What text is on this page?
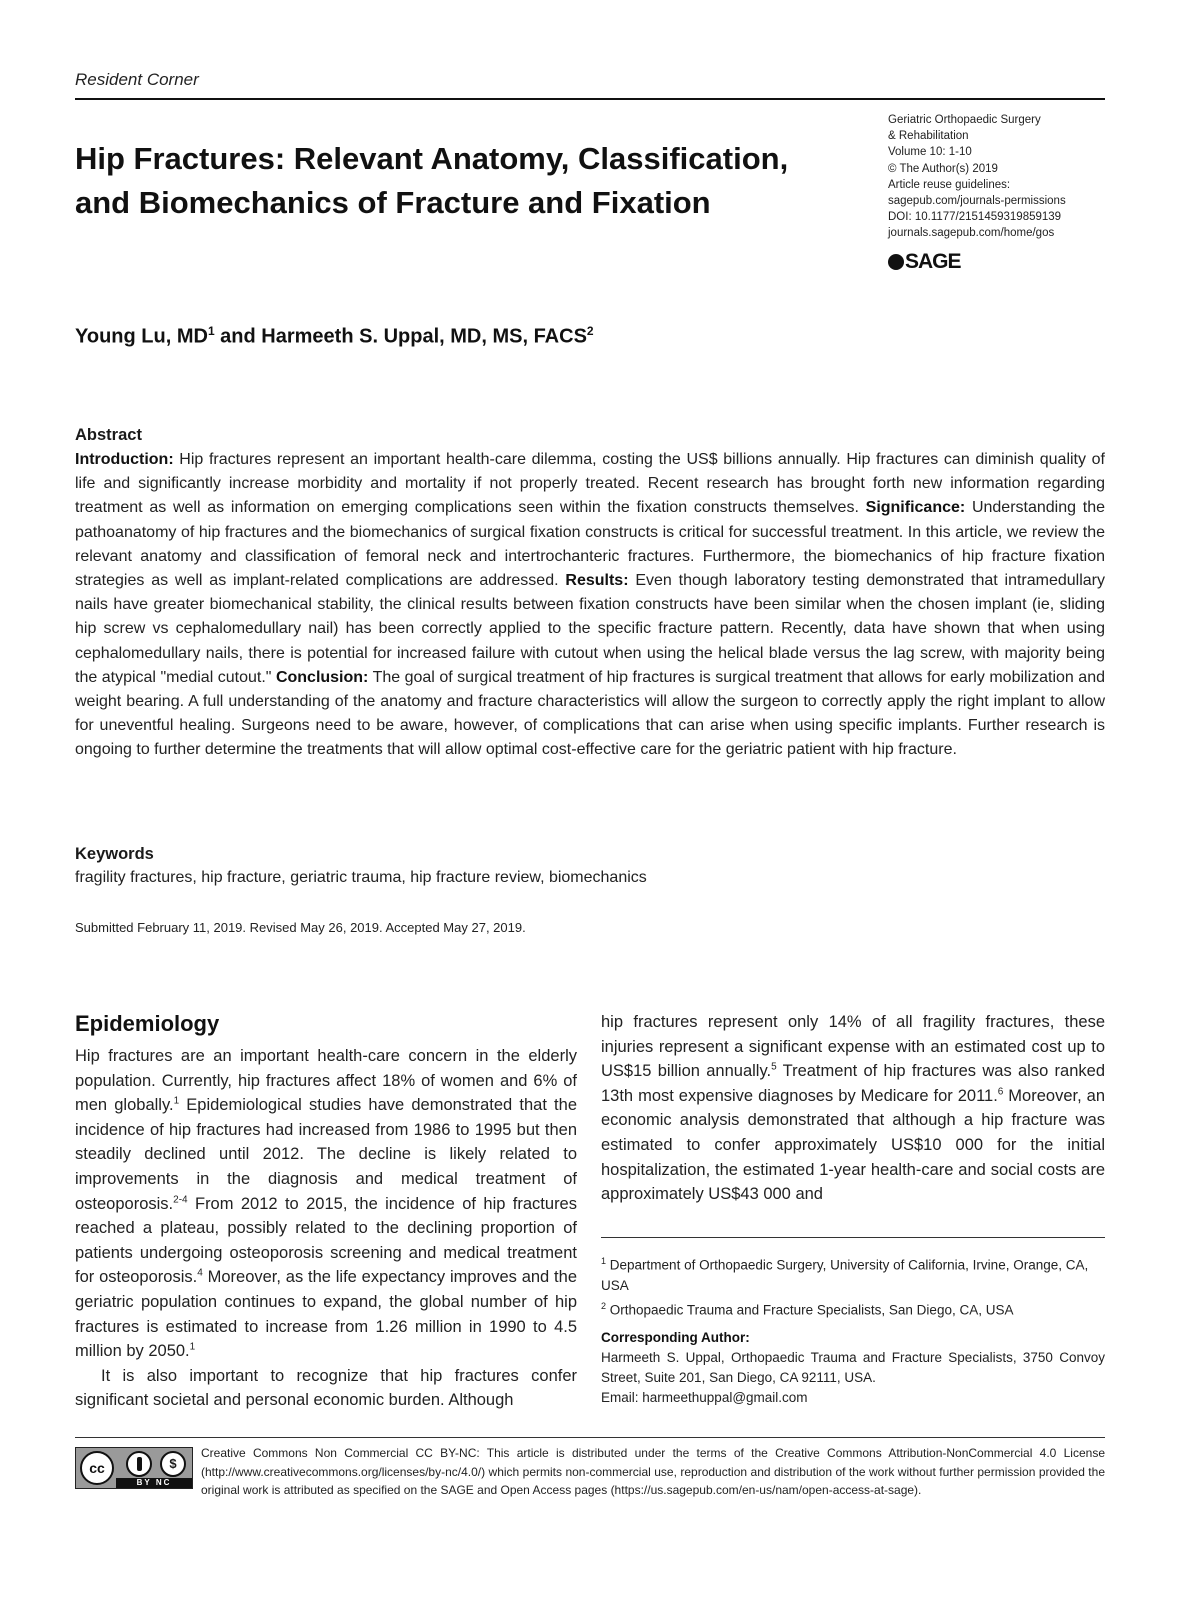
Resident Corner
Hip Fractures: Relevant Anatomy, Classification, and Biomechanics of Fracture and Fixation
Geriatric Orthopaedic Surgery
& Rehabilitation
Volume 10: 1-10
© The Author(s) 2019
Article reuse guidelines:
sagepub.com/journals-permissions
DOI: 10.1177/2151459319859139
journals.sagepub.com/home/gos
SAGE
Young Lu, $MD^1$ and Harmeeth S. Uppal, MD, MS, FACS$^2$
Abstract
Introduction: Hip fractures represent an important health-care dilemma, costing the US$ billions annually. Hip fractures can diminish quality of life and significantly increase morbidity and mortality if not properly treated. Recent research has brought forth new information regarding treatment as well as information on emerging complications seen within the fixation constructs themselves. Significance: Understanding the pathoanatomy of hip fractures and the biomechanics of surgical fixation constructs is critical for successful treatment. In this article, we review the relevant anatomy and classification of femoral neck and intertrochanteric fractures. Furthermore, the biomechanics of hip fracture fixation strategies as well as implant-related complications are addressed. Results: Even though laboratory testing demonstrated that intramedullary nails have greater biomechanical stability, the clinical results between fixation constructs have been similar when the chosen implant (ie, sliding hip screw vs cephalomedullary nail) has been correctly applied to the specific fracture pattern. Recently, data have shown that when using cephalomedullary nails, there is potential for increased failure with cutout when using the helical blade versus the lag screw, with majority being the atypical "medial cutout." Conclusion: The goal of surgical treatment of hip fractures is surgical treatment that allows for early mobilization and weight bearing. A full understanding of the anatomy and fracture characteristics will allow the surgeon to correctly apply the right implant to allow for uneventful healing. Surgeons need to be aware, however, of complications that can arise when using specific implants. Further research is ongoing to further determine the treatments that will allow optimal cost-effective care for the geriatric patient with hip fracture.
Keywords
fragility fractures, hip fracture, geriatric trauma, hip fracture review, biomechanics
Submitted February 11, 2019. Revised May 26, 2019. Accepted May 27, 2019.
Epidemiology

Hip fractures are an important health-care concern in the elderly population. Currently, hip fractures affect 18% of women and 6% of men globally.$^1$ Epidemiological studies have demonstrated that the incidence of hip fractures had increased from 1986 to 1995 but then steadily declined until 2012. The decline is likely related to improvements in the diagnosis and medical treatment of osteoporosis.$^{2-4}$ From 2012 to 2015, the incidence of hip fractures reached a plateau, possibly related to the declining proportion of patients undergoing osteoporosis screening and medical treatment for osteoporosis.$^4$ Moreover, as the life expectancy improves and the geriatric population continues to expand, the global number of hip fractures is estimated to increase from 1.26 million in 1990 to 4.5 million by 2050.$^1$

It is also important to recognize that hip fractures confer significant societal and personal economic burden. Although

hip fractures represent only 14% of all fragility fractures, these injuries represent a significant expense with an estimated cost up to US$15 billion annually.$^5$ Treatment of hip fractures was also ranked 13th most expensive diagnoses by Medicare for 2011.$^6$ Moreover, an economic analysis demonstrated that although a hip fracture was estimated to confer approximately US$10 000 for the initial hospitalization, the estimated 1-year health-care and social costs are approximately US$43 000 and

$^1$ Department of Orthopaedic Surgery, University of California, Irvine, Orange, CA, USA

$^2$ Orthopaedic Trauma and Fracture Specialists, San Diego, CA, USA

Corresponding Author:

Harmeeth S. Uppal, Orthopaedic Trauma and Fracture Specialists, 3750 Convoy Street, Suite 201, San Diego, CA 92111, USA.

Email: harmeethuppal@gmail.com

cc	$
BY NC
Creative Commons Non Commercial CC BY-NC: This article is distributed under the terms of the Creative Commons Attribution-NonCommercial 4.0 License (http://www.creativecommons.org/licenses/by-nc/4.0/) which permits non-commercial use, reproduction and distribution of the work without further permission provided the original work is attributed as specified on the SAGE and Open Access pages (https://us.sagepub.com/en-us/nam/open-access-at-sage).
